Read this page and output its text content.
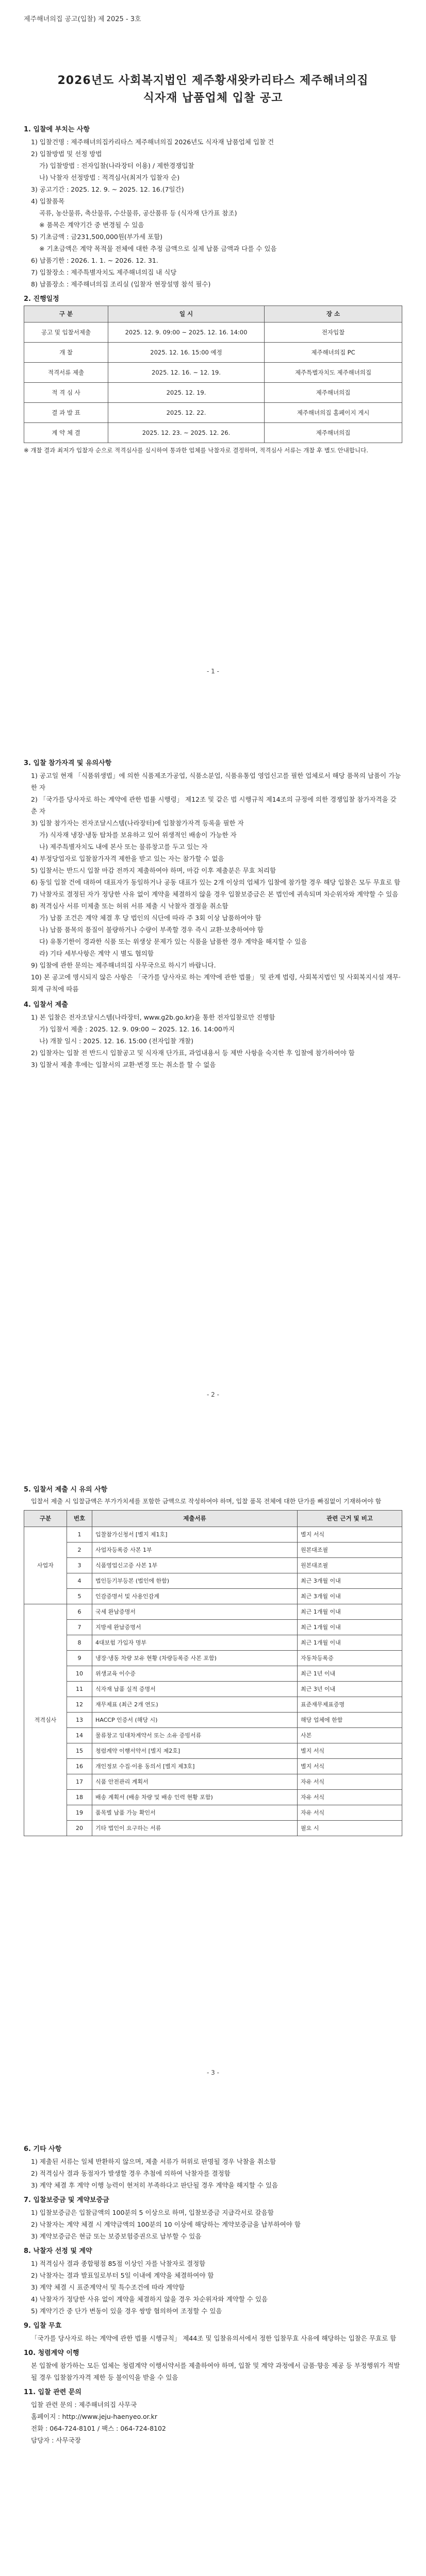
제주해녀의집 공고(입찰) 제 2025 - 3호
2026년도 사회복지법인 제주황새왓카리타스 제주해녀의집
식자재 납품업체 입찰 공고

1. 입찰에 부치는 사항

1) 입찰건명 : 제주해녀의집카리타스 제주해녀의집 2026년도 식자재 납품업체 입찰 건

2) 입찰방법 및 선정 방법

가) 입찰방법 : 전자입찰(나라장터 이용) / 제한경쟁입찰

나) 낙찰자 선정방법 : 적격심사(최저가 입찰자 순)

3) 공고기간 : 2025. 12. 9. ~ 2025. 12. 16.(7일간)

4) 입찰품목

곡류, 농산물류, 축산물류, 수산물류, 공산품류 등 (식자재 단가표 참조)

※ 품목은 계약기간 중 변경될 수 있음

5) 기초금액 : 금231,500,000원(부가세 포함)

※ 기초금액은 계약 목적물 전체에 대한 추정 금액으로 실제 납품 금액과 다를 수 있음

6) 납품기한 : 2026. 1. 1. ~ 2026. 12. 31.

7) 입찰장소 : 제주특별자치도 제주해녀의집 내 식당

8) 납품장소 : 제주해녀의집 조리실 (입찰자 현장설명 참석 필수)

2. 진행일정

구 분	일 시	장 소
공고 및 입찰서제출	2025. 12. 9. 09:00 ~ 2025. 12. 16. 14:00	전자입찰
개 찰	2025. 12. 16. 15:00 예정	제주해녀의집 PC
적격서류 제출	2025. 12. 16. ~ 12. 19.	제주특별자치도 제주해녀의집
적 격 심 사	2025. 12. 19.	제주해녀의집
결 과 발 표	2025. 12. 22.	제주해녀의집 홈페이지 게시
계 약 체 결	2025. 12. 23. ~ 2025. 12. 26.	제주해녀의집

※ 개찰 결과 최저가 입찰자 순으로 적격심사를 실시하여 통과한 업체를 낙찰자로 결정하며, 적격심사 서류는 개찰 후 별도 안내합니다.

- 1 -

3. 입찰 참가자격 및 유의사항

1) 공고일 현재 「식품위생법」에 의한 식품제조가공업, 식품소분업, 식품유통업 영업신고를 필한 업체로서 해당 품목의 납품이 가능한 자

2) 「국가를 당사자로 하는 계약에 관한 법률 시행령」 제12조 및 같은 법 시행규칙 제14조의 규정에 의한 경쟁입찰 참가자격을 갖춘 자

3) 입찰 참가자는 전자조달시스템(나라장터)에 입찰참가자격 등록을 필한 자

가) 식자재 냉장·냉동 탑차를 보유하고 있어 위생적인 배송이 가능한 자

나) 제주특별자치도 내에 본사 또는 물류창고를 두고 있는 자

4) 부정당업자로 입찰참가자격 제한을 받고 있는 자는 참가할 수 없음

5) 입찰서는 반드시 입찰 마감 전까지 제출하여야 하며, 마감 이후 제출분은 무효 처리함

6) 동일 입찰 건에 대하여 대표자가 동일하거나 공동 대표가 있는 2개 이상의 업체가 입찰에 참가할 경우 해당 입찰은 모두 무효로 함

7) 낙찰자로 결정된 자가 정당한 사유 없이 계약을 체결하지 않을 경우 입찰보증금은 본 법인에 귀속되며 차순위자와 계약할 수 있음

8) 적격심사 서류 미제출 또는 허위 서류 제출 시 낙찰자 결정을 취소함

가) 납품 조건은 계약 체결 후 당 법인의 식단에 따라 주 3회 이상 납품하여야 함

나) 납품 품목의 품질이 불량하거나 수량이 부족할 경우 즉시 교환·보충하여야 함

다) 유통기한이 경과한 식품 또는 위생상 문제가 있는 식품을 납품한 경우 계약을 해지할 수 있음

라) 기타 세부사항은 계약 시 별도 협의함

9) 입찰에 관한 문의는 제주해녀의집 사무국으로 하시기 바랍니다.

10) 본 공고에 명시되지 않은 사항은 「국가를 당사자로 하는 계약에 관한 법률」 및 관계 법령, 사회복지법인 및 사회복지시설 재무·회계 규칙에 따름

4. 입찰서 제출

1) 본 입찰은 전자조달시스템(나라장터, www.g2b.go.kr)을 통한 전자입찰로만 진행함

가) 입찰서 제출 : 2025. 12. 9. 09:00 ~ 2025. 12. 16. 14:00까지

나) 개찰 일시 : 2025. 12. 16. 15:00 (전자입찰 개찰)

2) 입찰자는 입찰 전 반드시 입찰공고 및 식자재 단가표, 과업내용서 등 제반 사항을 숙지한 후 입찰에 참가하여야 함

3) 입찰서 제출 후에는 입찰서의 교환·변경 또는 취소를 할 수 없음

- 2 -

5. 입찰서 제출 시 유의 사항

입찰서 제출 시 입찰금액은 부가가치세를 포함한 금액으로 작성하여야 하며, 입찰 품목 전체에 대한 단가를 빠짐없이 기재하여야 함

구분	번호	제출서류	관련 근거 및 비고
사업자	1	입찰참가신청서 [별지 제1호]	별지 서식
	2	사업자등록증 사본 1부	원본대조필
	3	식품영업신고증 사본 1부	원본대조필
	4	법인등기부등본 (법인에 한함)	최근 3개월 이내
	5	인감증명서 및 사용인감계	최근 3개월 이내
적격심사	6	국세 완납증명서	최근 1개월 이내
	7	지방세 완납증명서	최근 1개월 이내
	8	4대보험 가입자 명부	최근 1개월 이내
	9	냉장·냉동 차량 보유 현황 (차량등록증 사본 포함)	자동차등록증
	10	위생교육 이수증	최근 1년 이내
	11	식자재 납품 실적 증명서	최근 3년 이내
	12	재무제표 (최근 2개 연도)	표준재무제표증명
	13	HACCP 인증서 (해당 시)	해당 업체에 한함
	14	물류창고 임대차계약서 또는 소유 증빙서류	사본
	15	청렴계약 이행서약서 [별지 제2호]	별지 서식
	16	개인정보 수집·이용 동의서 [별지 제3호]	별지 서식
	17	식품 안전관리 계획서	자유 서식
	18	배송 계획서 (배송 차량 및 배송 인력 현황 포함)	자유 서식
	19	품목별 납품 가능 확인서	자유 서식
	20	기타 법인이 요구하는 서류	필요 시
- 3 -

6. 기타 사항

1) 제출된 서류는 일체 반환하지 않으며, 제출 서류가 허위로 판명될 경우 낙찰을 취소함

2) 적격심사 결과 동점자가 발생할 경우 추첨에 의하여 낙찰자를 결정함

3) 계약 체결 후 계약 이행 능력이 현저히 부족하다고 판단될 경우 계약을 해지할 수 있음

7. 입찰보증금 및 계약보증금

1) 입찰보증금은 입찰금액의 100분의 5 이상으로 하며, 입찰보증금 지급각서로 갈음함

2) 낙찰자는 계약 체결 시 계약금액의 100분의 10 이상에 해당하는 계약보증금을 납부하여야 함

3) 계약보증금은 현금 또는 보증보험증권으로 납부할 수 있음

8. 낙찰자 선정 및 계약

1) 적격심사 결과 종합평점 85점 이상인 자를 낙찰자로 결정함

2) 낙찰자는 결과 발표일로부터 5일 이내에 계약을 체결하여야 함

3) 계약 체결 시 표준계약서 및 특수조건에 따라 계약함

4) 낙찰자가 정당한 사유 없이 계약을 체결하지 않을 경우 차순위자와 계약할 수 있음

5) 계약기간 중 단가 변동이 있을 경우 쌍방 협의하여 조정할 수 있음

9. 입찰 무효

「국가를 당사자로 하는 계약에 관한 법률 시행규칙」 제44조 및 입찰유의서에서 정한 입찰무효 사유에 해당하는 입찰은 무효로 함

10. 청렴계약 이행

본 입찰에 참가하는 모든 업체는 청렴계약 이행서약서를 제출하여야 하며, 입찰 및 계약 과정에서 금품·향응 제공 등 부정행위가 적발될 경우 입찰참가자격 제한 등 불이익을 받을 수 있음

11. 입찰 관련 문의

입찰 관련 문의 : 제주해녀의집 사무국

홈페이지 : http://www.jeju-haenyeo.or.kr

전화 : 064-724-8101 / 팩스 : 064-724-8102

담당자 : 사무국장
